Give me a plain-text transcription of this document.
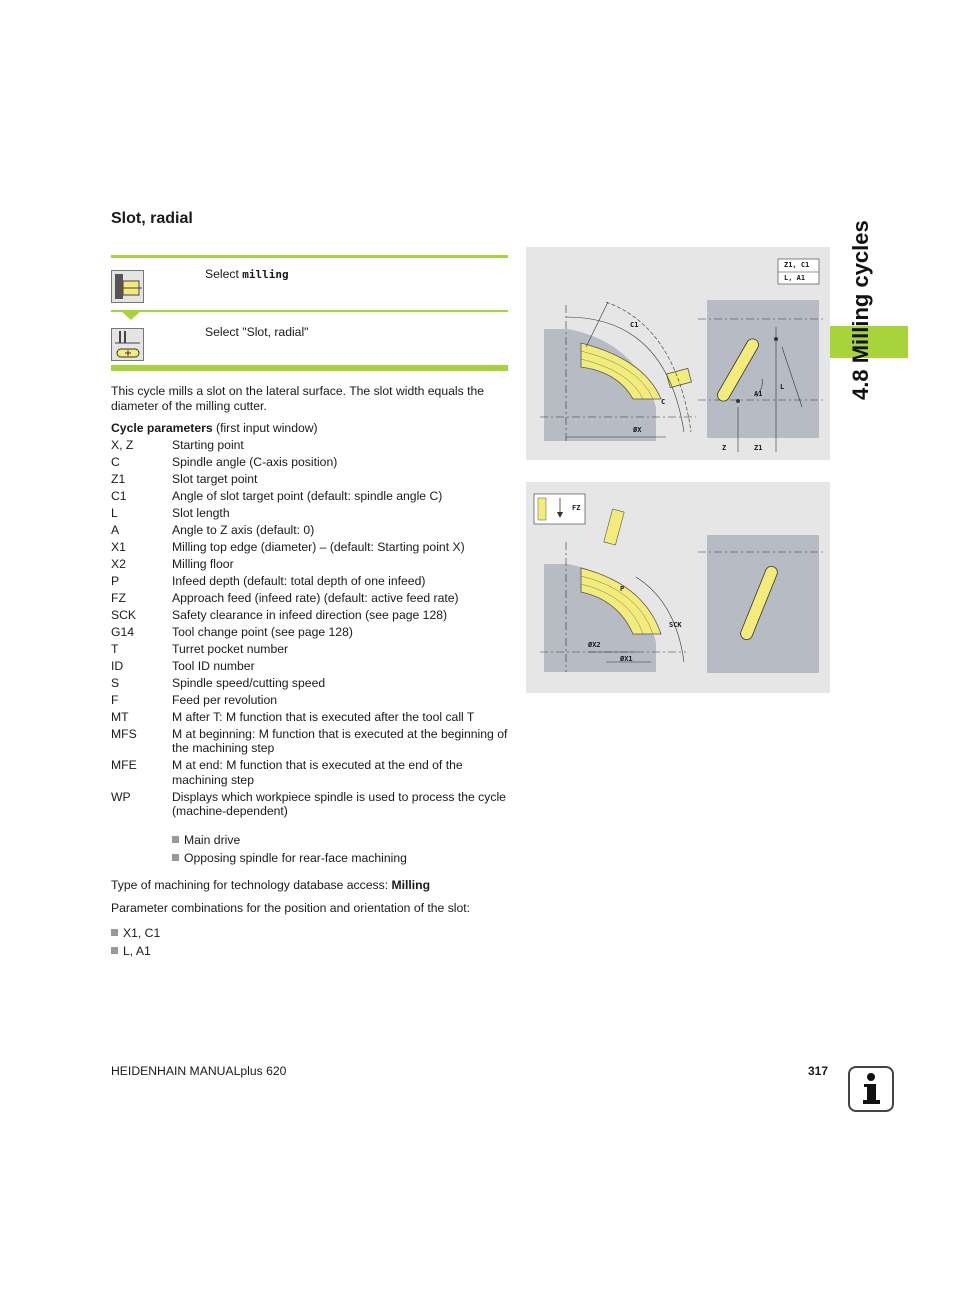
Slot, radial
Select milling
Select "Slot, radial"
This cycle mills a slot on the lateral surface. The slot width equals the diameter of the milling cutter.
Cycle parameters (first input window)
X, Z	Starting point
C	Spindle angle (C-axis position)
Z1	Slot target point
C1	Angle of slot target point (default: spindle angle C)
L	Slot length
A	Angle to Z axis (default: 0)
X1	Milling top edge (diameter) – (default: Starting point X)
X2	Milling floor
P	Infeed depth (default: total depth of one infeed)
FZ	Approach feed (infeed rate) (default: active feed rate)
SCK	Safety clearance in infeed direction (see page 128)
G14	Tool change point (see page 128)
T	Turret pocket number
ID	Tool ID number
S	Spindle speed/cutting speed
F	Feed per revolution
MT	M after T: M function that is executed after the tool call T
MFS	M at beginning: M function that is executed at the beginning of the machining step
MFE	M at end: M function that is executed at the end of the machining step
WP	Displays which workpiece spindle is used to process the cycle (machine-dependent)
Main drive
Opposing spindle for rear-face machining
Type of machining for technology database access: Milling
Parameter combinations for the position and orientation of the slot:
X1, C1
L, A1
4.8 Milling cycles
Z1, C1
L, A1
C1
C
ØX
L
A1
Z	Z1
FZ
P
SCK
ØX2
ØX1
HEIDENHAIN MANUALplus 620	317
